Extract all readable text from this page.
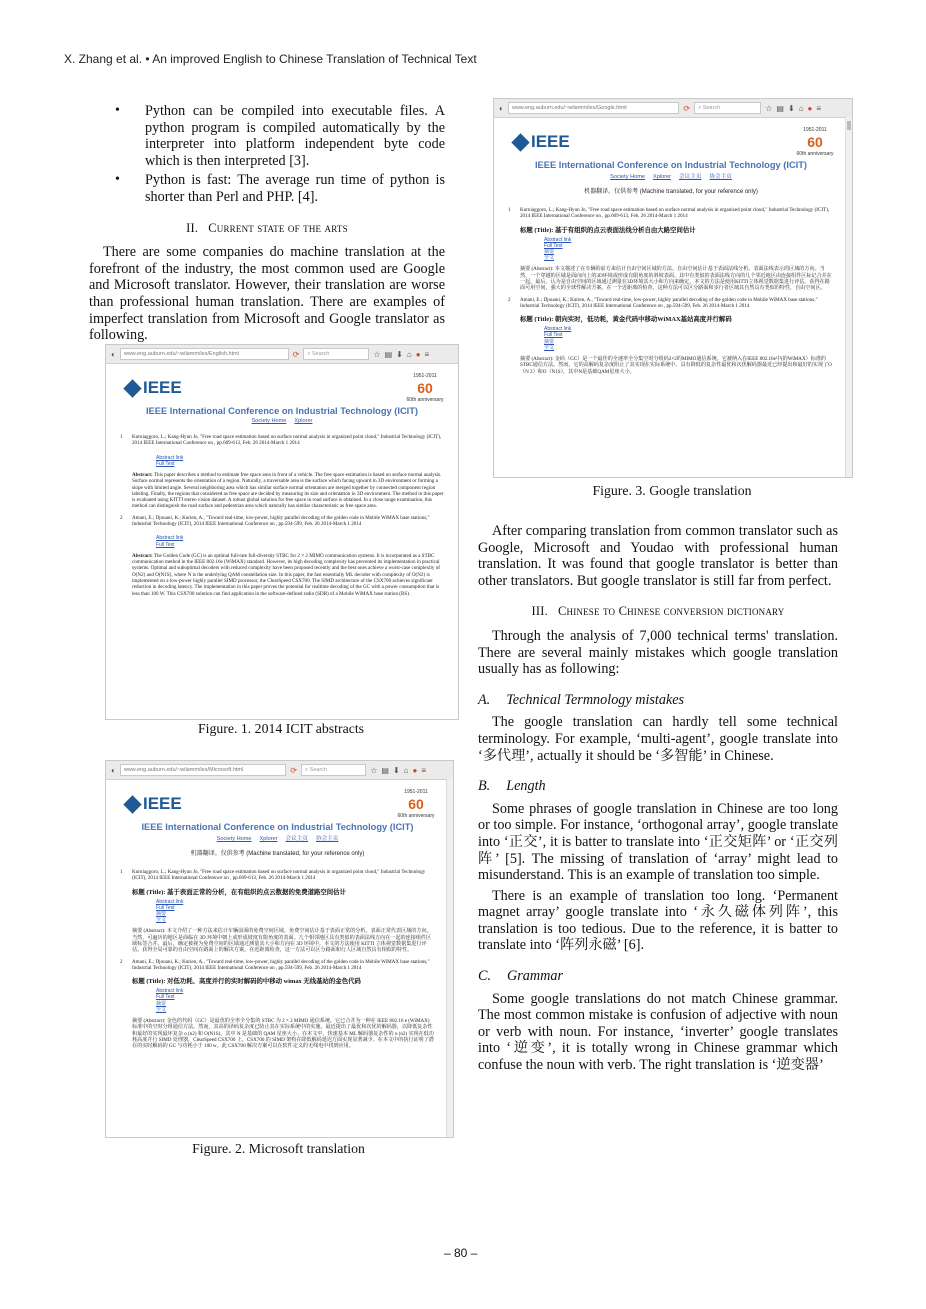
X. Zhang et al. • An improved English to Chinese Translation of Technical Text
• Python can be compiled into executable files. A python program is compiled automatically by the interpreter into platform independent byte code which is then interpreted [3].
• Python is fast: The average run time of python is shorter than Perl and PHP. [4].
II. Current state of the arts

There are some companies do machine translation at the forefront of the industry, the most common used are Google and Microsoft translator. However, their translation are worse than professional human translation. There are examples of imperfect translation from Microsoft and Google translator as following.

◐	www.eng.auburn.edu/~wilamm/ies/English.html	⟳ ⌕ Search	☆ ▤ ⬇ ⌂ ● ≡
IEEE
1951-2011
60
60th anniversary
IEEE International Conference on Industrial Technology (ICIT)
Society Home Xplorer
1 Kurniaggoro, L.; Kang-Hyun Jo, "Free road space estimation based on surface normal analysis in organized point cloud," Industrial Technology (ICIT), 2014 IEEE International Conference on , pp.609-613, Feb. 26 2014-March 1 2014
Abstract link
Full Text
Abstract: This paper describes a method to estimate free space area in front of a vehicle. The free space estimation is based on surface normal analysis. Surface normal represents the orientation of a region. Naturally, a traversable area is the surface which facing upward in 3D environment or forming a slope with limited angle. Several neighboring area which has similar surface normal orientation are merged together by connected component region labeling. Finally, the regions that considered as free space are decided by measuring its size and orientation in 3D environment. The method in this paper is evaluated using KITTI stereo vision dataset. A robust global solution for free space in road surface is obtained. In a close range examination, this method can distinguish the road surface and pedestrian area which naturally has similar characteristic as free space area.
2 Amani, E.; Djouani, K.; Kurien, A., "Toward real-time, low-power, highly parallel decoding of the golden code in Mobile WiMAX base stations," Industrial Technology (ICIT), 2014 IEEE International Conference on , pp.594-599, Feb. 26 2014-March 1 2014
Abstract link
Full Text
Abstract: The Golden Code (GC) is an optimal full-rate full-diversity STBC for 2 × 2 MIMO communication systems. It is incorporated as a STBC communication method in the IEEE 802.16e (WiMAX) standard. However, its high decoding complexity has prevented its implementation in practical systems. Optimal and suboptimal decoders with reduced complexity have been proposed recently and the best ones achieve a worst-case complexity of O(N2) and O(N1S), where N is the underlying QAM constellation size. In this paper, the fast essentially ML decoder with complexity of O(N2) is implemented on a low-power highly parallel SIMD processor, the ClearSpeed CSX700. The SIMD architecture of the CSX700 achieves significant reduction in decoding latency. The implementation in this paper proves the potential for realtime decoding of the GC with a power consumption that is less than 100 W. This CSX700 solution can find application in the software-defined radio (SDR) of a Mobile WiMAX base station (BS).
Figure. 1. 2014 ICIT abstracts
◐	www.eng.auburn.edu/~wilamm/ies/Microsoft.html	⟳ ⌕ Search	☆ ▤ ⬇ ⌂ ● ≡
IEEE
1951-2011
60
60th anniversary
IEEE International Conference on Industrial Technology (ICIT)
Society Home Xplorer 会议主页 协会主页
机器翻译。仅供参考 (Machine translated, for your reference only)
1 Kurniaggoro, L.; Kang-Hyun Jo, "Free road space estimation based on surface normal analysis in organized point cloud," Industrial Technology (ICIT), 2014 IEEE International Conference on , pp.609-613, Feb. 26 2014-March 1 2014
标题 (Title): 基于表面正常的分析，在有组织的点云数据的免费道路空间估计
Abstract link
Full Text
摘要
全文
摘要 (Abstract): 本文介绍了一种方法来估计车辆前面的免费空间区域。免费空间估计基于表面正常的分析。表面正常代表区域的方向。当然，可遍历的地区是面临在 3D 环境中朝上或形成坡度有限角度的表面。几个相邻地区具有类似的表面法线方向在一起的连接组件区域标签合并。最后，确定被视为免费空间的区域通过测量其大小和方向在 3D 环境中。本文的方法使用 KITTI 立体视觉数据集进行评估。获得全局可靠的自由空间在路面上的解决方案。在近距离检查，这一方法可以区分路面和行人区域自然具有相似的特性。
2 Amani, E.; Djouani, K.; Kurien, A., "Toward real-time, low-power, highly parallel decoding of the golden code in Mobile WiMAX base stations," Industrial Technology (ICIT), 2014 IEEE International Conference on , pp.594-599, Feb. 26 2014-March 1 2014
标题 (Title): 对低功耗、高度并行的实时解码的中移动 wimax 无线基站的金色代码
Abstract link
Full Text
摘要
全文
摘要 (Abstract): 金色的代码（GC）是最优的全率全分集的 STBC 为 2 × 2 MIMO 通信系统。它已合并为一种在 IEEE 802.16 e (WiMAX) 标准中的空时分组通信方法。然而，其高的译码复杂度已防止其在实际系统中的实施。最近提出了最优和次优的解码器，以降低复杂性和最好的实现最坏复杂 o (n2) 和 O(N1S)，其中 N 是基础的 QAM 星座大小。在本文中，快速基本 ML 解码器复杂性的 o (n2) 实现在低功耗高度并行 SIMD 处理器，ClearSpeed CSX700 上。CSX700 的 SIMD 架构在降低解码延迟方面实现显著减少。在本文中的执行证明了潜在的实时解码的 GC 与功耗小于 100 w。此 CSX700 解决方案可以在软件定义的无线电中找到应用。
Figure. 2. Microsoft translation
◐	www.eng.auburn.edu/~wilamm/ies/Google.html	⟳ ⌕ Search	☆ ▤ ⬇ ⌂ ● ≡
IEEE
1951-2011
60
60th anniversary
IEEE International Conference on Industrial Technology (ICIT)
Society Home Xplorer 会议主页 协会主页
机器翻译。仅供参考 (Machine translated, for your reference only)
1 Kurniaggoro, L.; Kang-Hyun Jo, "Free road space estimation based on surface normal analysis in organized point cloud," Industrial Technology (ICIT), 2014 IEEE International Conference on , pp.609-613, Feb. 26 2014-March 1 2014
标题 (Title): 基于有组织的点云表面法线分析自由大路空间估计
Abstract link
Full Text
摘要
全文
摘要 (Abstract): 本文描述了在车辆的前方来估计自由空间区域的方法。自由空间估计基于表面法线分析。表面法线表示的区域的方向。当然，一个穿越的区域是面向向上的3D环境或形成有限角度的斜坡表面。其中有类似的表面法线方向的几个邻近地区由连接组件区标记合并在一起。最后，认为是自由空间的区域通过测量在3D环境其大小和方向来确定。本文的方法是使用KITTI立体视觉数据集进行评估。获得在路面可用空间，强大的全球性解决方案。在一个近距离的检查，这种方法可以区分路面和步行者区域其自然具有类似的特性，自由空间区。
2 Amani, E.; Djouani, K.; Kurien, A., "Toward real-time, low-power, highly parallel decoding of the golden code in Mobile WiMAX base stations," Industrial Technology (ICIT), 2014 IEEE International Conference on , pp.594-599, Feb. 26 2014-March 1 2014
标题 (Title): 朝向实时，低功耗，黄金代码中移动WiMAX基站高度并行解码
Abstract link
Full Text
摘要
全文
摘要 (Abstract): 金码（GC）是一个最佳的全速率全分集空时分组码2×2的MIMO通信系统。它被纳入在IEEE 802.16e中(的WiMAX）标准的STBC通信方法。然而，它的高解码复杂度阻止了其实现在实际系统中。具有降低的复杂性最优和次优解码器最近已经提出和最好的实现了O（N 2）和O（N1S），其中N是基础QAM星座大小。
Figure. 3. Google translation

After comparing translation from common translator such as Google, Microsoft and Youdao with professional human translation. It was found that google translator is better than other translators. But google translator is still far from perfect.

III. Chinese to Chinese conversion dictionary

Through the analysis of 7,000 technical terms' translation. There are several mainly mistakes which google translation usually has as following:

A. Technical Termnology mistakes

The google translation can hardly tell some technical terminology. For example, ‘multi-agent’, google translate into ‘多代理’, actually it should be ‘多智能’ in Chinese.

B. Length

Some phrases of google translation in Chinese are too long or too simple. For instance, ‘orthogonal array’, google translate into ‘正交’, it is batter to translate into ‘正交矩阵’ or ‘正交列阵’ [5]. The missing of translation of ‘array’ might lead to misunderstand. This is an example of translation too simple.

There is an example of translation too long. ‘Permanent magnet array’ google translate into ‘永久磁体列阵’, this translation is too tedious. Due to the reference, it is batter to translate into ‘阵列永磁’ [6].

C. Grammar

Some google translations do not match Chinese grammar. The most common mistake is confusion of adjective with noun or verb with noun. For instance, ‘inverter’ google translates into ‘逆变’, it is totally wrong in Chinese grammar which confuse the noun with verb. The right translation is ‘逆变器’

– 80 –
